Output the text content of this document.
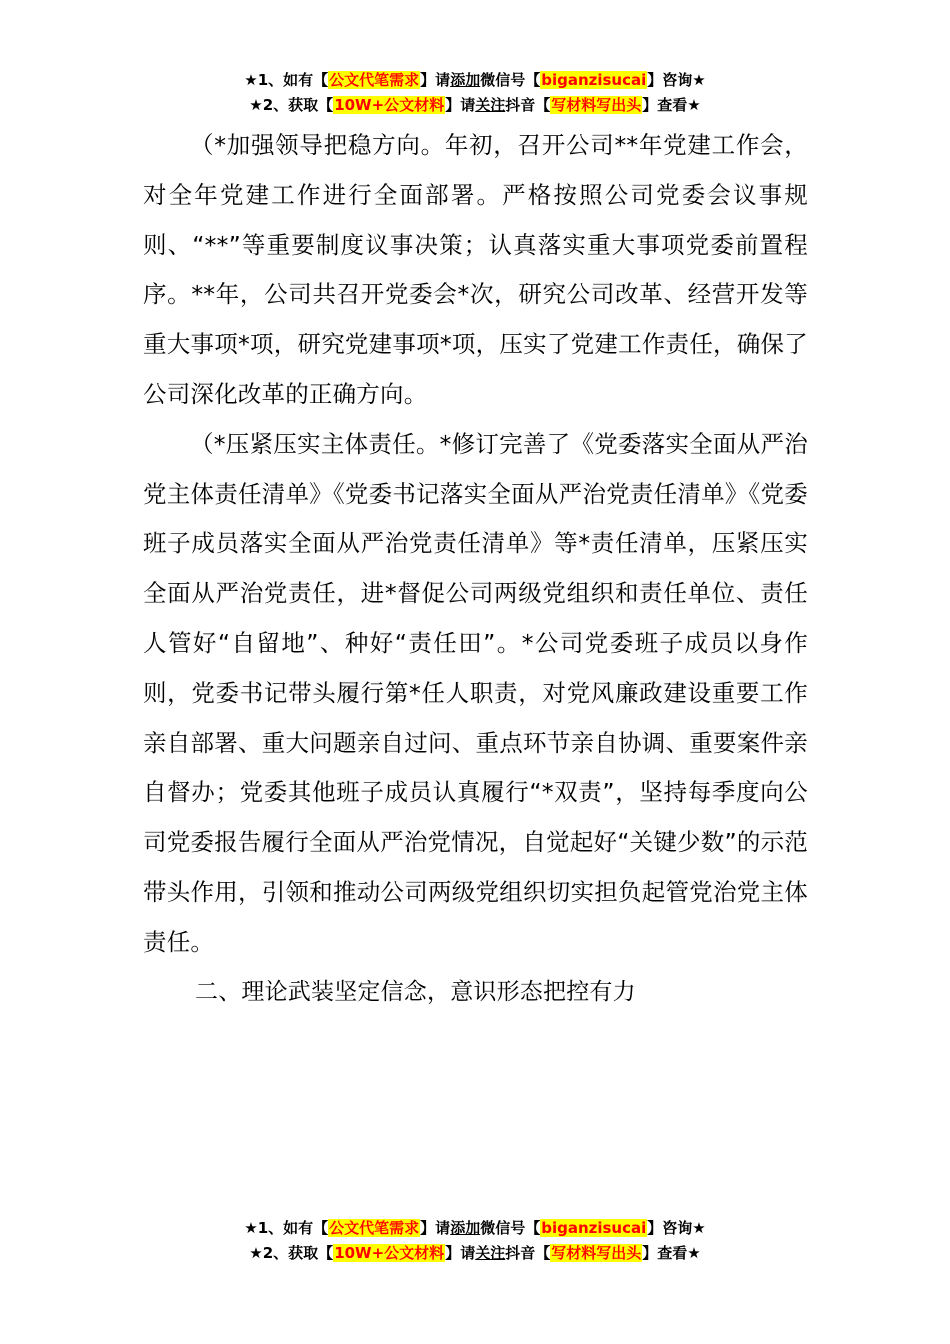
★1、如有【公文代笔需求】请添加微信号【biganzisucai】咨询★
★2、获取【10W+公文材料】请关注抖音【写材料写出头】查看★

（*加强领导把稳方向。年初，召开公司**年党建工作会，对全年党建工作进行全面部署。严格按照公司党委会议事规则、“**”等重要制度议事决策；认真落实重大事项党委前置程序。**年，公司共召开党委会*次，研究公司改革、经营开发等重大事项*项，研究党建事项*项，压实了党建工作责任，确保了公司深化改革的正确方向。

（*压紧压实主体责任。*修订完善了《党委落实全面从严治党主体责任清单》《党委书记落实全面从严治党责任清单》《党委班子成员落实全面从严治党责任清单》等*责任清单，压紧压实全面从严治党责任，进*督促公司两级党组织和责任单位、责任人管好“自留地”、种好“责任田”。*公司党委班子成员以身作则，党委书记带头履行第*任人职责，对党风廉政建设重要工作亲自部署、重大问题亲自过问、重点环节亲自协调、重要案件亲自督办；党委其他班子成员认真履行“*双责”，坚持每季度向公司党委报告履行全面从严治党情况，自觉起好“关键少数”的示范带头作用，引领和推动公司两级党组织切实担负起管党治党主体责任。

二、理论武装坚定信念，意识形态把控有力

★1、如有【公文代笔需求】请添加微信号【biganzisucai】咨询★
★2、获取【10W+公文材料】请关注抖音【写材料写出头】查看★
